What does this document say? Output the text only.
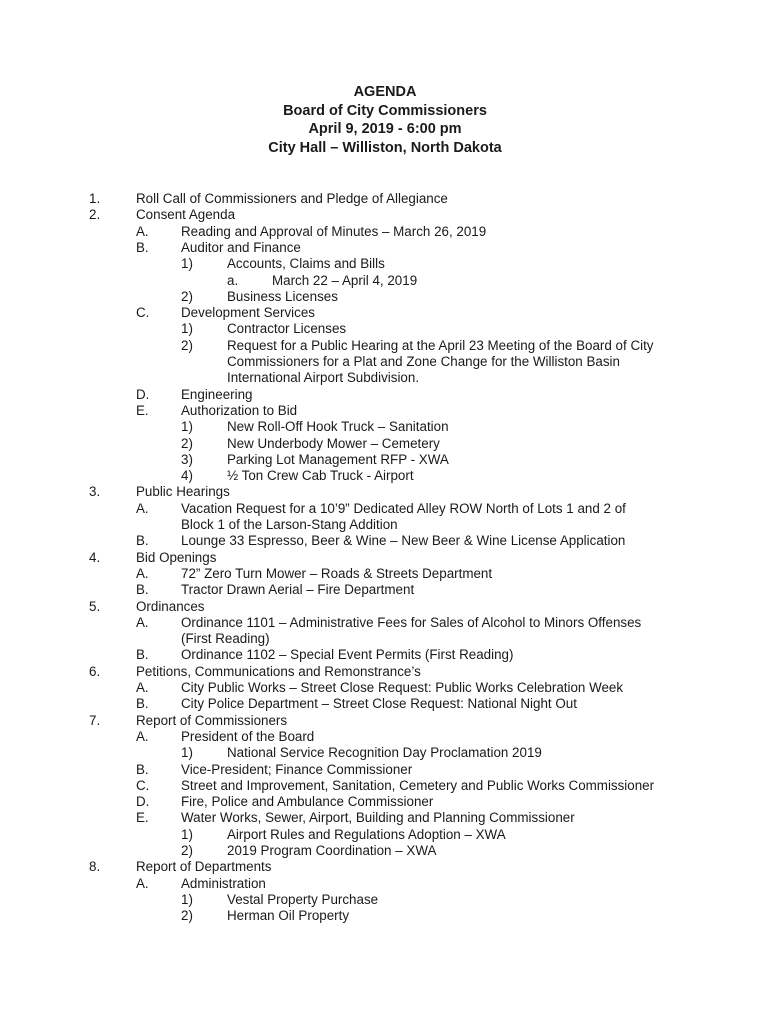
AGENDA
Board of City Commissioners
April 9, 2019 - 6:00 pm
City Hall – Williston, North Dakota
1.	Roll Call of Commissioners and Pledge of Allegiance
2.	Consent Agenda
A. Reading and Approval of Minutes – March 26, 2019
B. Auditor and Finance
1)	Accounts, Claims and Bills
a.	March 22 – April 4, 2019
2)	Business Licenses
C. Development Services
1)	Contractor Licenses
2)	Request for a Public Hearing at the April 23 Meeting of the Board of City
Commissioners for a Plat and Zone Change for the Williston Basin
International Airport Subdivision.
D. Engineering
E. Authorization to Bid
1)	New Roll-Off Hook Truck – Sanitation
2)	New Underbody Mower – Cemetery
3)	Parking Lot Management RFP - XWA
4)	½ Ton Crew Cab Truck - Airport
3.	Public Hearings
A. Vacation Request for a 10’9” Dedicated Alley ROW North of Lots 1 and 2 of
Block 1 of the Larson-Stang Addition
B. Lounge 33 Espresso, Beer & Wine – New Beer & Wine License Application
4.	Bid Openings
A. 72” Zero Turn Mower – Roads & Streets Department
B. Tractor Drawn Aerial – Fire Department
5.	Ordinances
A. Ordinance 1101 – Administrative Fees for Sales of Alcohol to Minors Offenses
(First Reading)
B. Ordinance 1102 – Special Event Permits (First Reading)
6.	Petitions, Communications and Remonstrance’s
A. City Public Works – Street Close Request: Public Works Celebration Week
B. City Police Department – Street Close Request: National Night Out
7.	Report of Commissioners
A. President of the Board
1)	National Service Recognition Day Proclamation 2019
B. Vice-President; Finance Commissioner
C. Street and Improvement, Sanitation, Cemetery and Public Works Commissioner
D. Fire, Police and Ambulance Commissioner
E. Water Works, Sewer, Airport, Building and Planning Commissioner
1)	Airport Rules and Regulations Adoption – XWA
2)	2019 Program Coordination – XWA
8.	Report of Departments
A. Administration
1)	Vestal Property Purchase
2)	Herman Oil Property
